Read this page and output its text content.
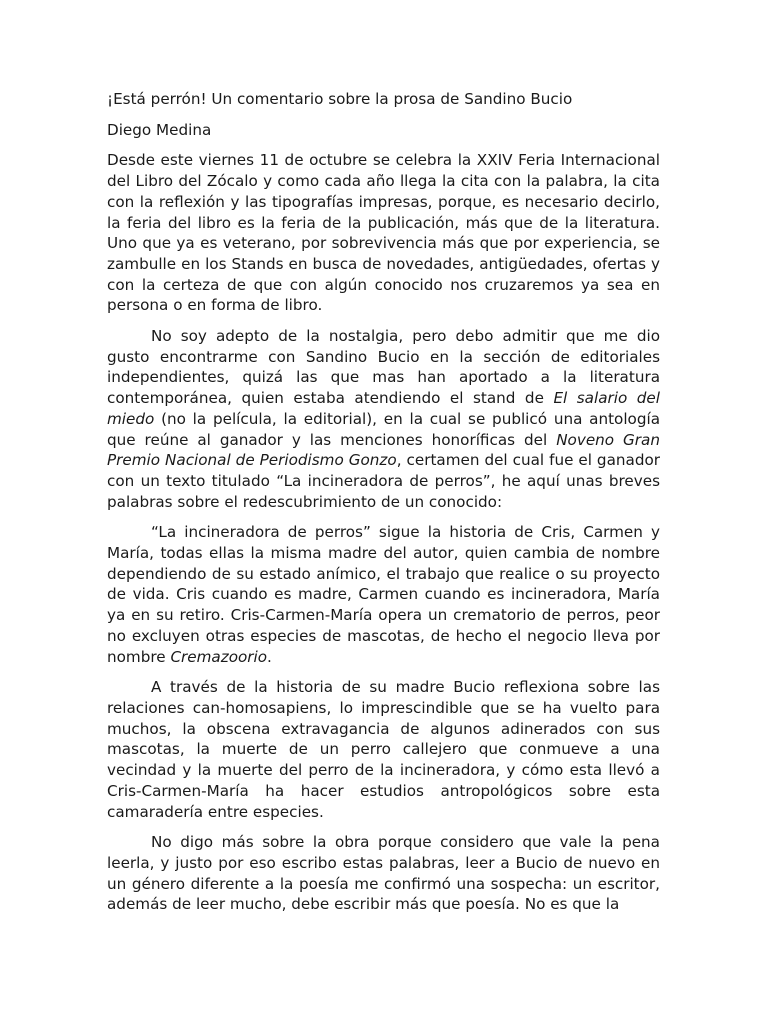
¡Está perrón! Un comentario sobre la prosa de Sandino Bucio

Diego Medina

Desde este viernes 11 de octubre se celebra la XXIV Feria Internacional del Libro del Zócalo y como cada año llega la cita con la palabra, la cita con la reflexión y las tipografías impresas, porque, es necesario decirlo, la feria del libro es la feria de la publicación, más que de la literatura. Uno que ya es veterano, por sobrevivencia más que por experiencia, se zambulle en los Stands en busca de novedades, antigüedades, ofertas y con la certeza de que con algún conocido nos cruzaremos ya sea en persona o en forma de libro.

No soy adepto de la nostalgia, pero debo admitir que me dio gusto encontrarme con Sandino Bucio en la sección de editoriales independientes, quizá las que mas han aportado a la literatura contemporánea, quien estaba atendiendo el stand de El salario del miedo (no la película, la editorial), en la cual se publicó una antología que reúne al ganador y las menciones honoríficas del Noveno Gran Premio Nacional de Periodismo Gonzo, certamen del cual fue el ganador con un texto titulado “La incineradora de perros”, he aquí unas breves palabras sobre el redescubrimiento de un conocido:

“La incineradora de perros” sigue la historia de Cris, Carmen y María, todas ellas la misma madre del autor, quien cambia de nombre dependiendo de su estado anímico, el trabajo que realice o su proyecto de vida. Cris cuando es madre, Carmen cuando es incineradora, María ya en su retiro. Cris-Carmen-María opera un crematorio de perros, peor no excluyen otras especies de mascotas, de hecho el negocio lleva por nombre Cremazoorio.

A través de la historia de su madre Bucio reflexiona sobre las relaciones can-homosapiens, lo imprescindible que se ha vuelto para muchos, la obscena extravagancia de algunos adinerados con sus mascotas, la muerte de un perro callejero que conmueve a una vecindad y la muerte del perro de la incineradora, y cómo esta llevó a Cris-Carmen-María ha hacer estudios antropológicos sobre esta camaradería entre especies.

No digo más sobre la obra porque considero que vale la pena leerla, y justo por eso escribo estas palabras, leer a Bucio de nuevo en un género diferente a la poesía me confirmó una sospecha: un escritor, además de leer mucho, debe escribir más que poesía. No es que la
